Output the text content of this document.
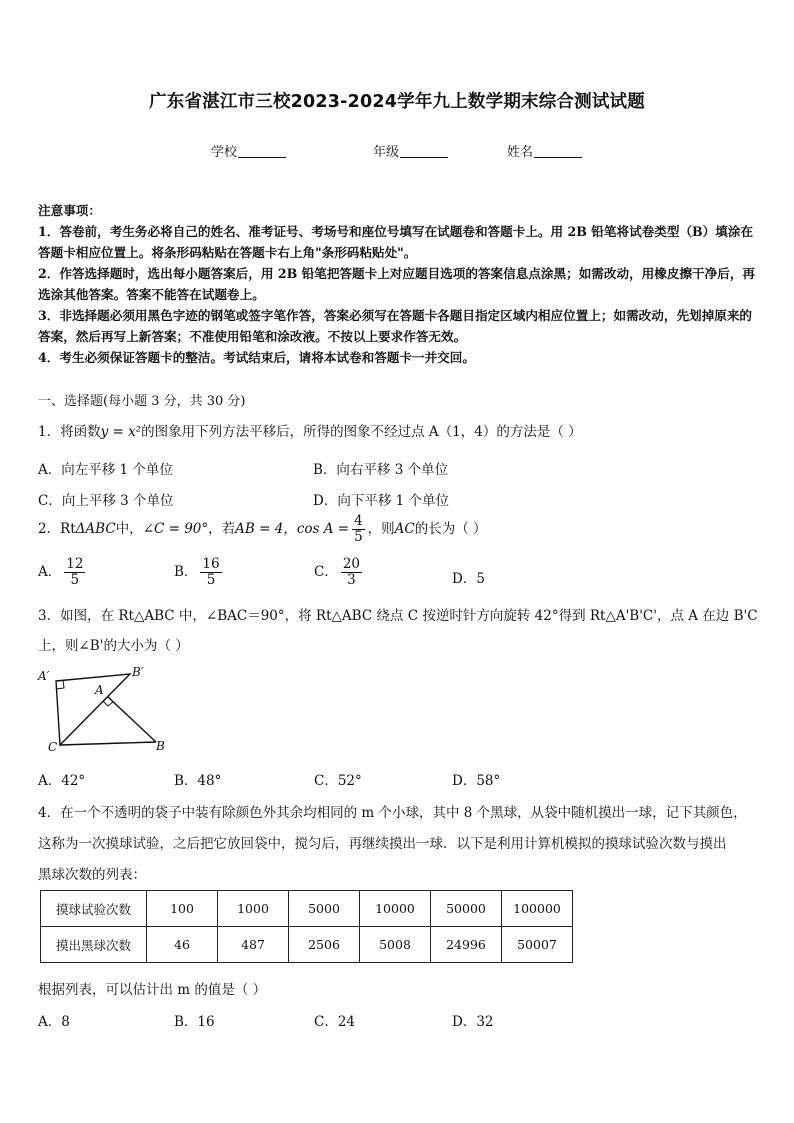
广东省湛江市三校2023-2024学年九上数学期末综合测试试题
学校	年级	姓名
注意事项：
1．答卷前，考生务必将自己的姓名、准考证号、考场号和座位号填写在试题卷和答题卡上。用 2B 铅笔将试卷类型（B）填涂在答题卡相应位置上。将条形码粘贴在答题卡右上角"条形码粘贴处"。
2．作答选择题时，选出每小题答案后，用 2B 铅笔把答题卡上对应题目选项的答案信息点涂黑；如需改动，用橡皮擦干净后，再选涂其他答案。答案不能答在试题卷上。
3．非选择题必须用黑色字迹的钢笔或签字笔作答，答案必须写在答题卡各题目指定区域内相应位置上；如需改动，先划掉原来的答案，然后再写上新答案；不准使用铅笔和涂改液。不按以上要求作答无效。
4．考生必须保证答题卡的整洁。考试结束后，请将本试卷和答题卡一并交回。
一、选择题(每小题 3 分，共 30 分)
1．将函数y = x²的图象用下列方法平移后，所得的图象不经过点 A（1，4）的方法是（ ）
A．向左平移 1 个单位	B．向右平移 3 个单位
C．向上平移 3 个单位	D．向下平移 1 个单位
2．RtΔABC中，∠C = 90°，若AB = 4，$\cos A = \frac{4}{5}$ ，则AC的长为（ ）
A． $\frac{12}{5}$	B． $\frac{16}{5}$	C． $\frac{20}{3}$	D．5
3．如图，在 Rt△ABC 中，∠BAC＝90°，将 Rt△ABC 绕点 C 按逆时针方向旋转 42°得到 Rt△A'B'C'，点 A 在边 B'C
上，则∠B'的大小为（ ）
A′	B′
A
B
C
A．42°	B．48°	C．52°	D．58°
4．在一个不透明的袋子中装有除颜色外其余均相同的 m 个小球，其中 8 个黑球，从袋中随机摸出一球，记下其颜色，
这称为一次摸球试验，之后把它放回袋中，搅匀后，再继续摸出一球．以下是利用计算机模拟的摸球试验次数与摸出
黑球次数的列表：
摸球试验次数	100	1000	5000	10000	50000	100000
摸出黑球次数	46	487	2506	5008	24996	50007
根据列表，可以估计出 m 的值是（ ）
A．8	B．16	C．24	D．32
